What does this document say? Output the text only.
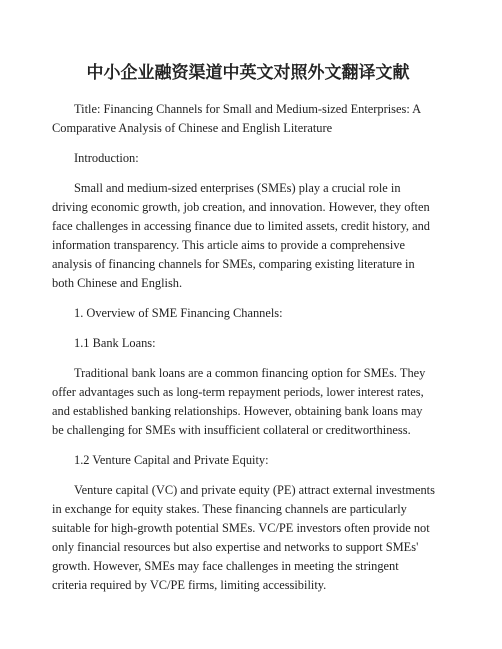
中小企业融资渠道中英文对照外文翻译文献
Title: Financing Channels for Small and Medium-sized Enterprises: A
Comparative Analysis of Chinese and English Literature
Introduction:
Small and medium-sized enterprises (SMEs) play a crucial role in
driving economic growth, job creation, and innovation. However, they often
face challenges in accessing finance due to limited assets, credit history, and
information transparency. This article aims to provide a comprehensive
analysis of financing channels for SMEs, comparing existing literature in
both Chinese and English.
1. Overview of SME Financing Channels:
1.1 Bank Loans:
Traditional bank loans are a common financing option for SMEs. They
offer advantages such as long-term repayment periods, lower interest rates,
and established banking relationships. However, obtaining bank loans may
be challenging for SMEs with insufficient collateral or creditworthiness.
1.2 Venture Capital and Private Equity:
Venture capital (VC) and private equity (PE) attract external investments
in exchange for equity stakes. These financing channels are particularly
suitable for high-growth potential SMEs. VC/PE investors often provide not
only financial resources but also expertise and networks to support SMEs'
growth. However, SMEs may face challenges in meeting the stringent
criteria required by VC/PE firms, limiting accessibility.
